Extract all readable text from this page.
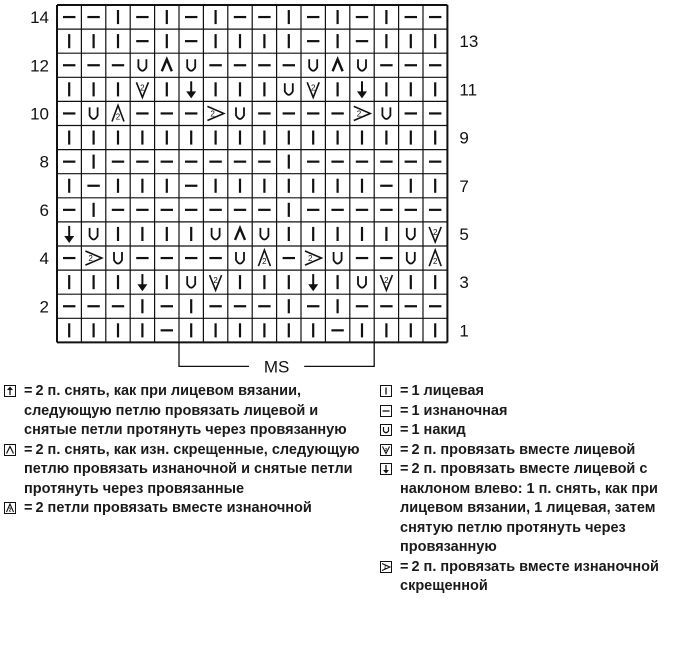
2	2
2	2	2
2
2	2	2	2
2	2
14
12
10
8
6
4
2
13
11
9
7
5
3
1
MS
= 2 п. снять, как при лицевом вязании, следующую петлю провязать лицевой и снятые петли протянуть через провязанную
= 2 п. снять, как изн. скрещенные, следующую петлю провязать изнаночной и снятые петли протянуть через провязанные
2 = 2 петли провязать вместе изнаночной
= 1 лицевая
= 1 изнаночная
= 1 накид
2 = 2 п. провязать вместе лицевой
= 2 п. провязать вместе лицевой с наклоном влево: 1 п. снять, как при лицевом вязании, 1 лицевая, затем снятую петлю протянуть через провязанную
2 = 2 п. провязать вместе изнаночной скрещенной
